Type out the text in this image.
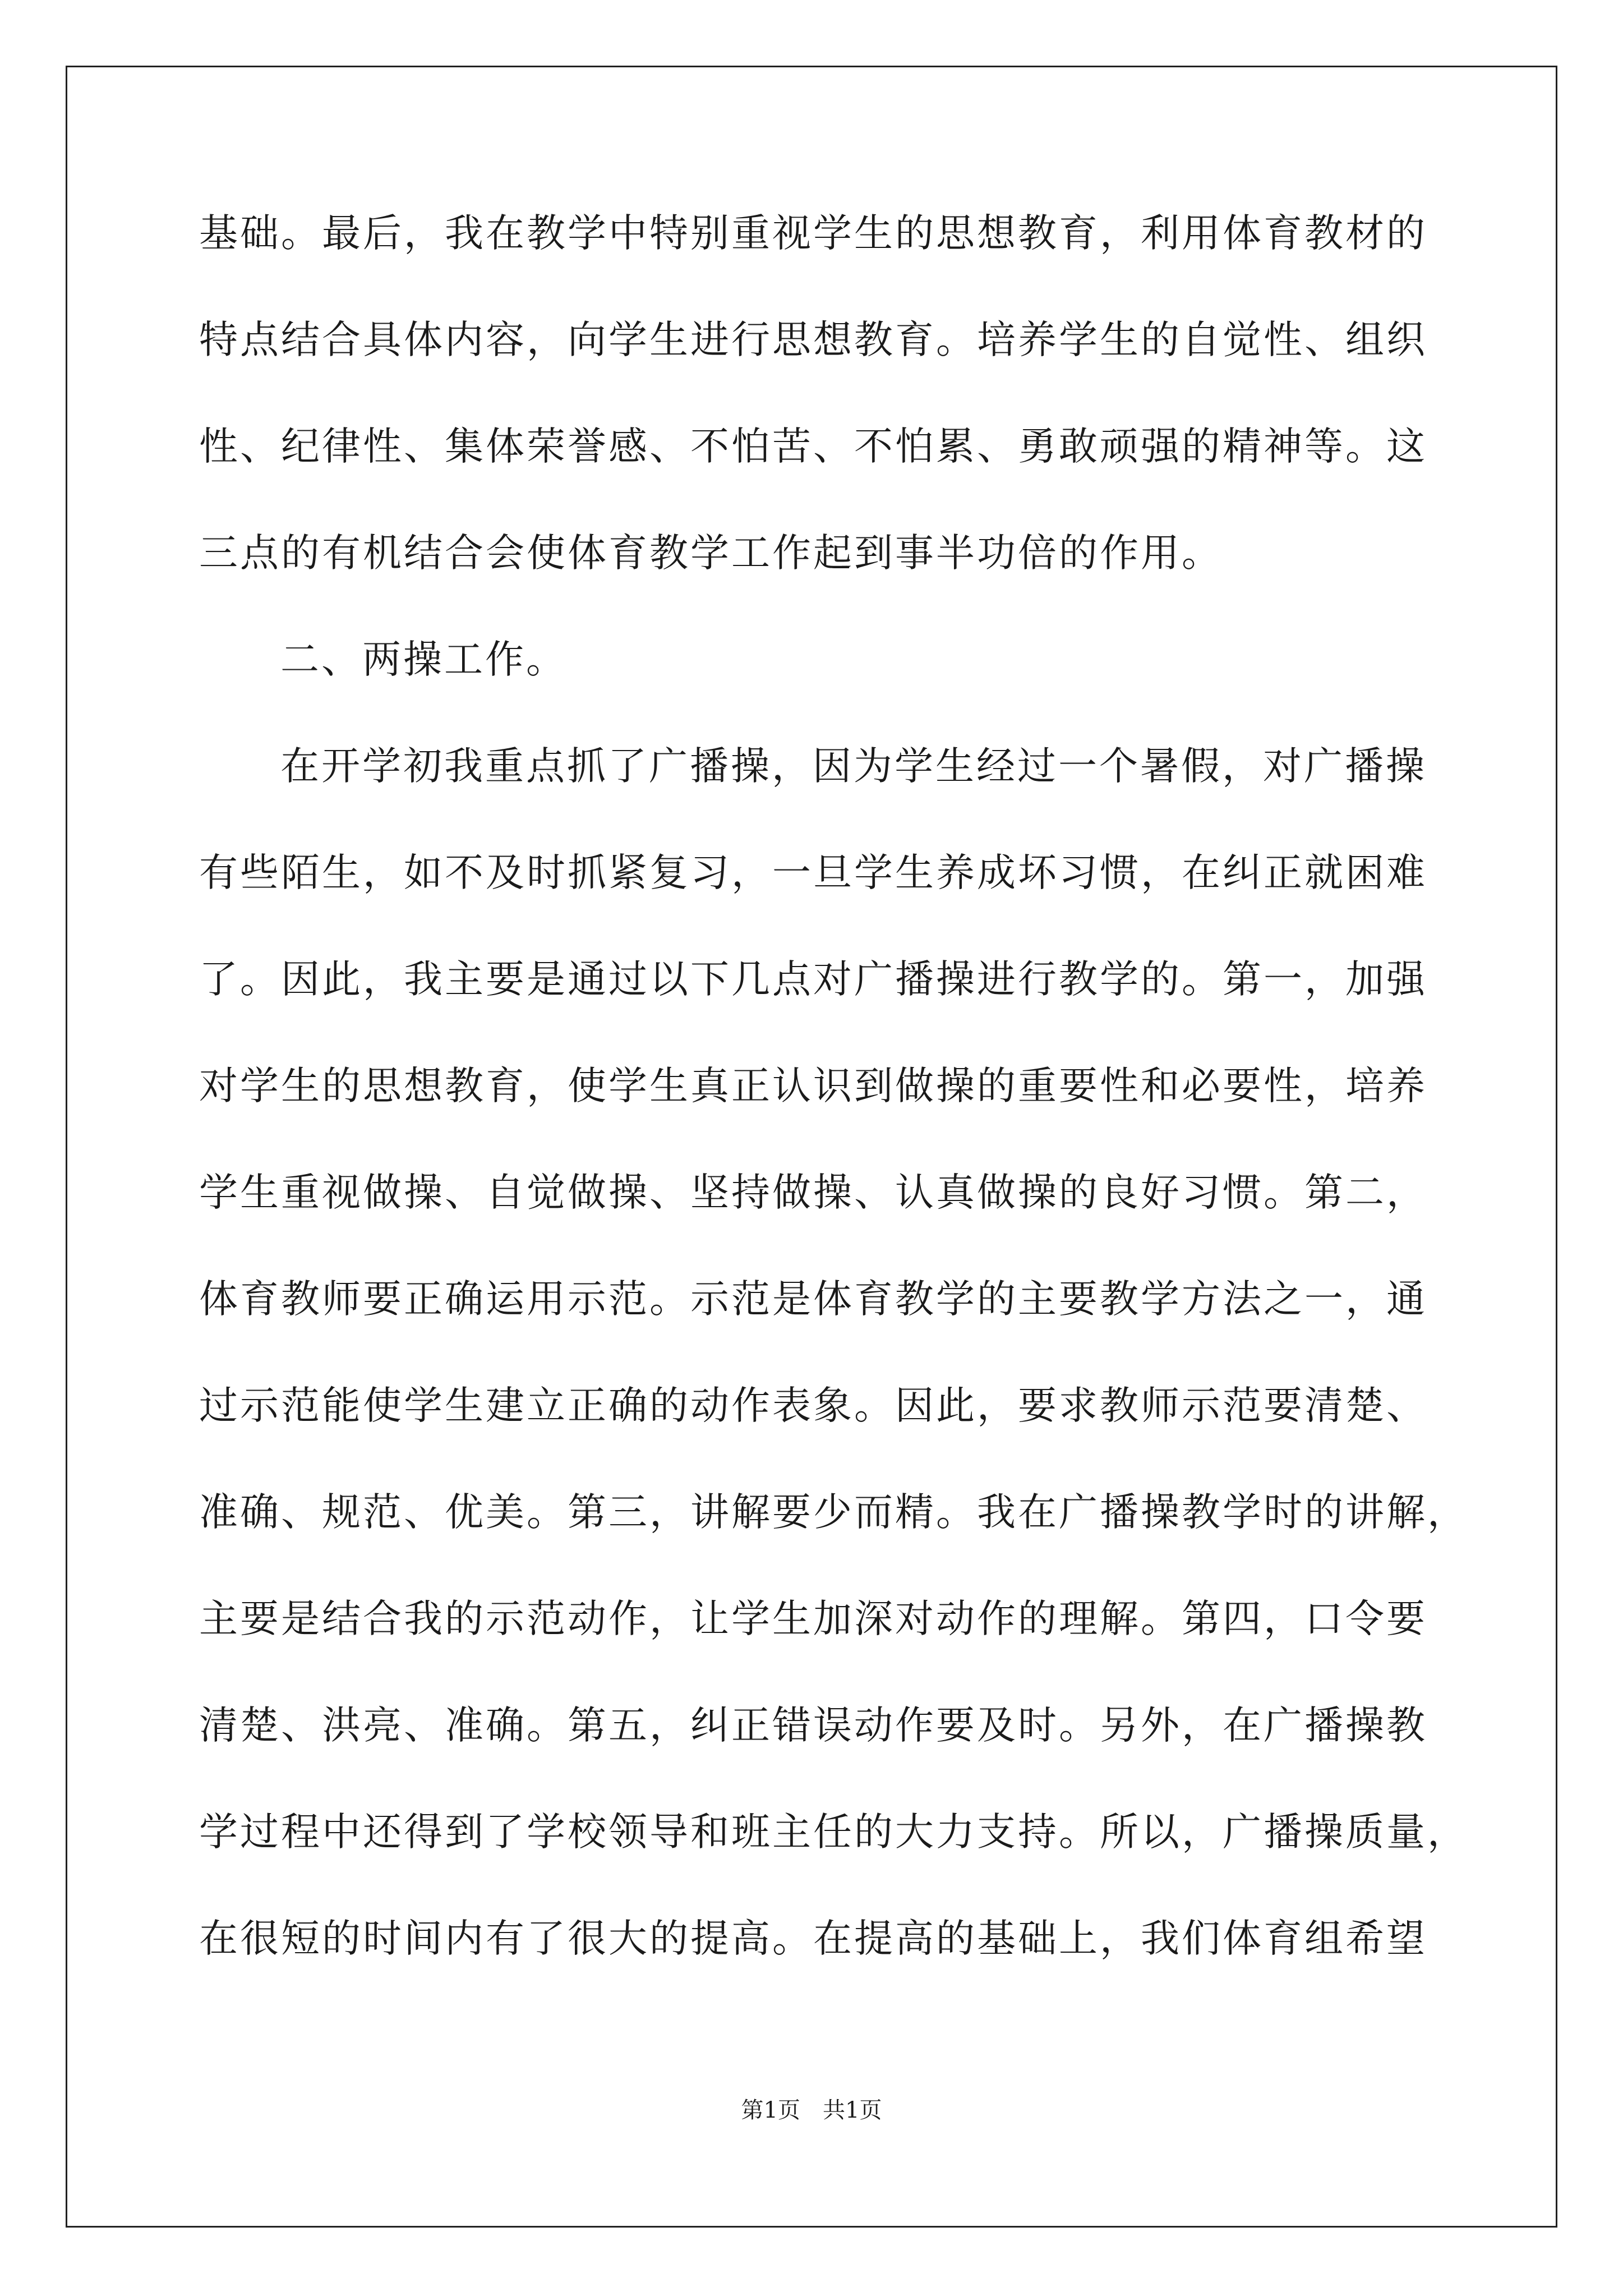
基础。最后，我在教学中特别重视学生的思想教育，利用体育教材的
特点结合具体内容，向学生进行思想教育。培养学生的自觉性、组织
性、纪律性、集体荣誉感、不怕苦、不怕累、勇敢顽强的精神等。这
三点的有机结合会使体育教学工作起到事半功倍的作用。
二、两操工作。
在开学初我重点抓了广播操，因为学生经过一个暑假，对广播操
有些陌生，如不及时抓紧复习，一旦学生养成坏习惯，在纠正就困难
了。因此，我主要是通过以下几点对广播操进行教学的。第一，加强
对学生的思想教育，使学生真正认识到做操的重要性和必要性，培养
学生重视做操、自觉做操、坚持做操、认真做操的良好习惯。第二，
体育教师要正确运用示范。示范是体育教学的主要教学方法之一，通
过示范能使学生建立正确的动作表象。因此，要求教师示范要清楚、
准确、规范、优美。第三，讲解要少而精。我在广播操教学时的讲解，
主要是结合我的示范动作，让学生加深对动作的理解。第四，口令要
清楚、洪亮、准确。第五，纠正错误动作要及时。另外，在广播操教
学过程中还得到了学校领导和班主任的大力支持。所以，广播操质量，
在很短的时间内有了很大的提高。在提高的基础上，我们体育组希望
第1页　共1页
